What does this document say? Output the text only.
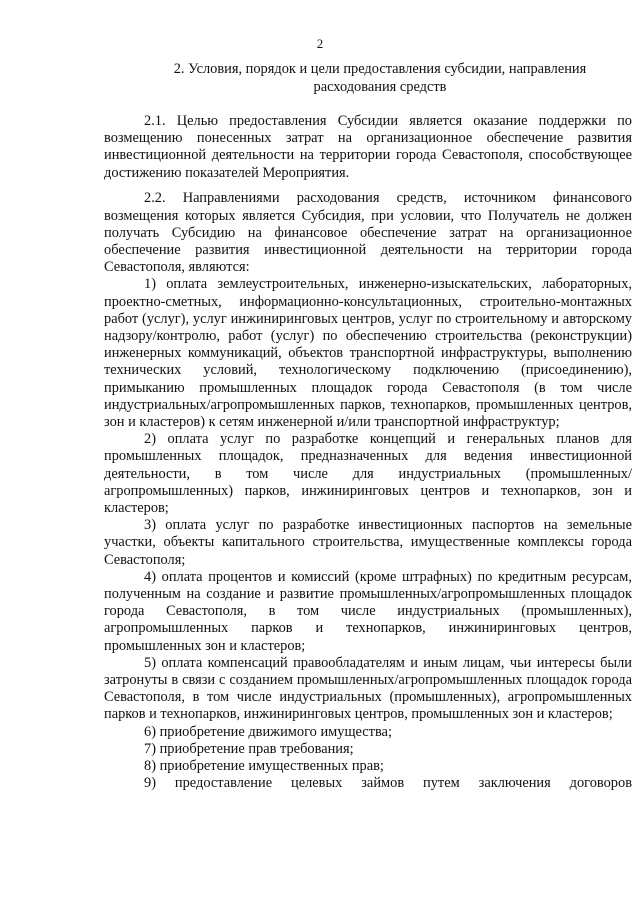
2
2. Условия, порядок и цели предоставления субсидии, направления
расходования средств

2.1. Целью предоставления Субсидии является оказание поддержки по возмещению понесенных затрат на организационное обеспечение развития инвестиционной деятельности на территории города Севастополя, способствующее достижению показателей Мероприятия.

2.2. Направлениями расходования средств, источником финансового возмещения которых является Субсидия, при условии, что Получатель не должен получать Субсидию на финансовое обеспечение затрат на организационное обеспечение развития инвестиционной деятельности на территории города Севастополя, являются:

1) оплата землеустроительных, инженерно-изыскательских, лабораторных, проектно-сметных, информационно-консультационных, строительно-монтажных работ (услуг), услуг инжиниринговых центров, услуг по строительному и авторскому надзору/контролю, работ (услуг) по обеспечению строительства (реконструкции) инженерных коммуникаций, объектов транспортной инфраструктуры, выполнению технических условий, технологическому подключению (присоединению), примыканию промышленных площадок города Севастополя (в том числе индустриальных/агропромышленных парков, технопарков, промышленных центров, зон и кластеров) к сетям инженерной и/или транспортной инфраструктур;

2) оплата услуг по разработке концепций и генеральных планов для промышленных площадок, предназначенных для ведения инвестиционной деятельности, в том числе для индустриальных (промышленных/агропромышленных) парков, инжиниринговых центров и технопарков, зон и кластеров;

3) оплата услуг по разработке инвестиционных паспортов на земельные участки, объекты капитального строительства, имущественные комплексы города Севастополя;

4) оплата процентов и комиссий (кроме штрафных) по кредитным ресурсам, полученным на создание и развитие промышленных/агропромышленных площадок города Севастополя, в том числе индустриальных (промышленных), агропромышленных парков и технопарков, инжиниринговых центров, промышленных зон и кластеров;

5) оплата компенсаций правообладателям и иным лицам, чьи интересы были затронуты в связи с созданием промышленных/агропромышленных площадок города Севастополя, в том числе индустриальных (промышленных), агропромышленных парков и технопарков, инжиниринговых центров, промышленных зон и кластеров;

6) приобретение движимого имущества;

7) приобретение прав требования;

8) приобретение имущественных прав;

9) предоставление целевых займов путем заключения договоров
